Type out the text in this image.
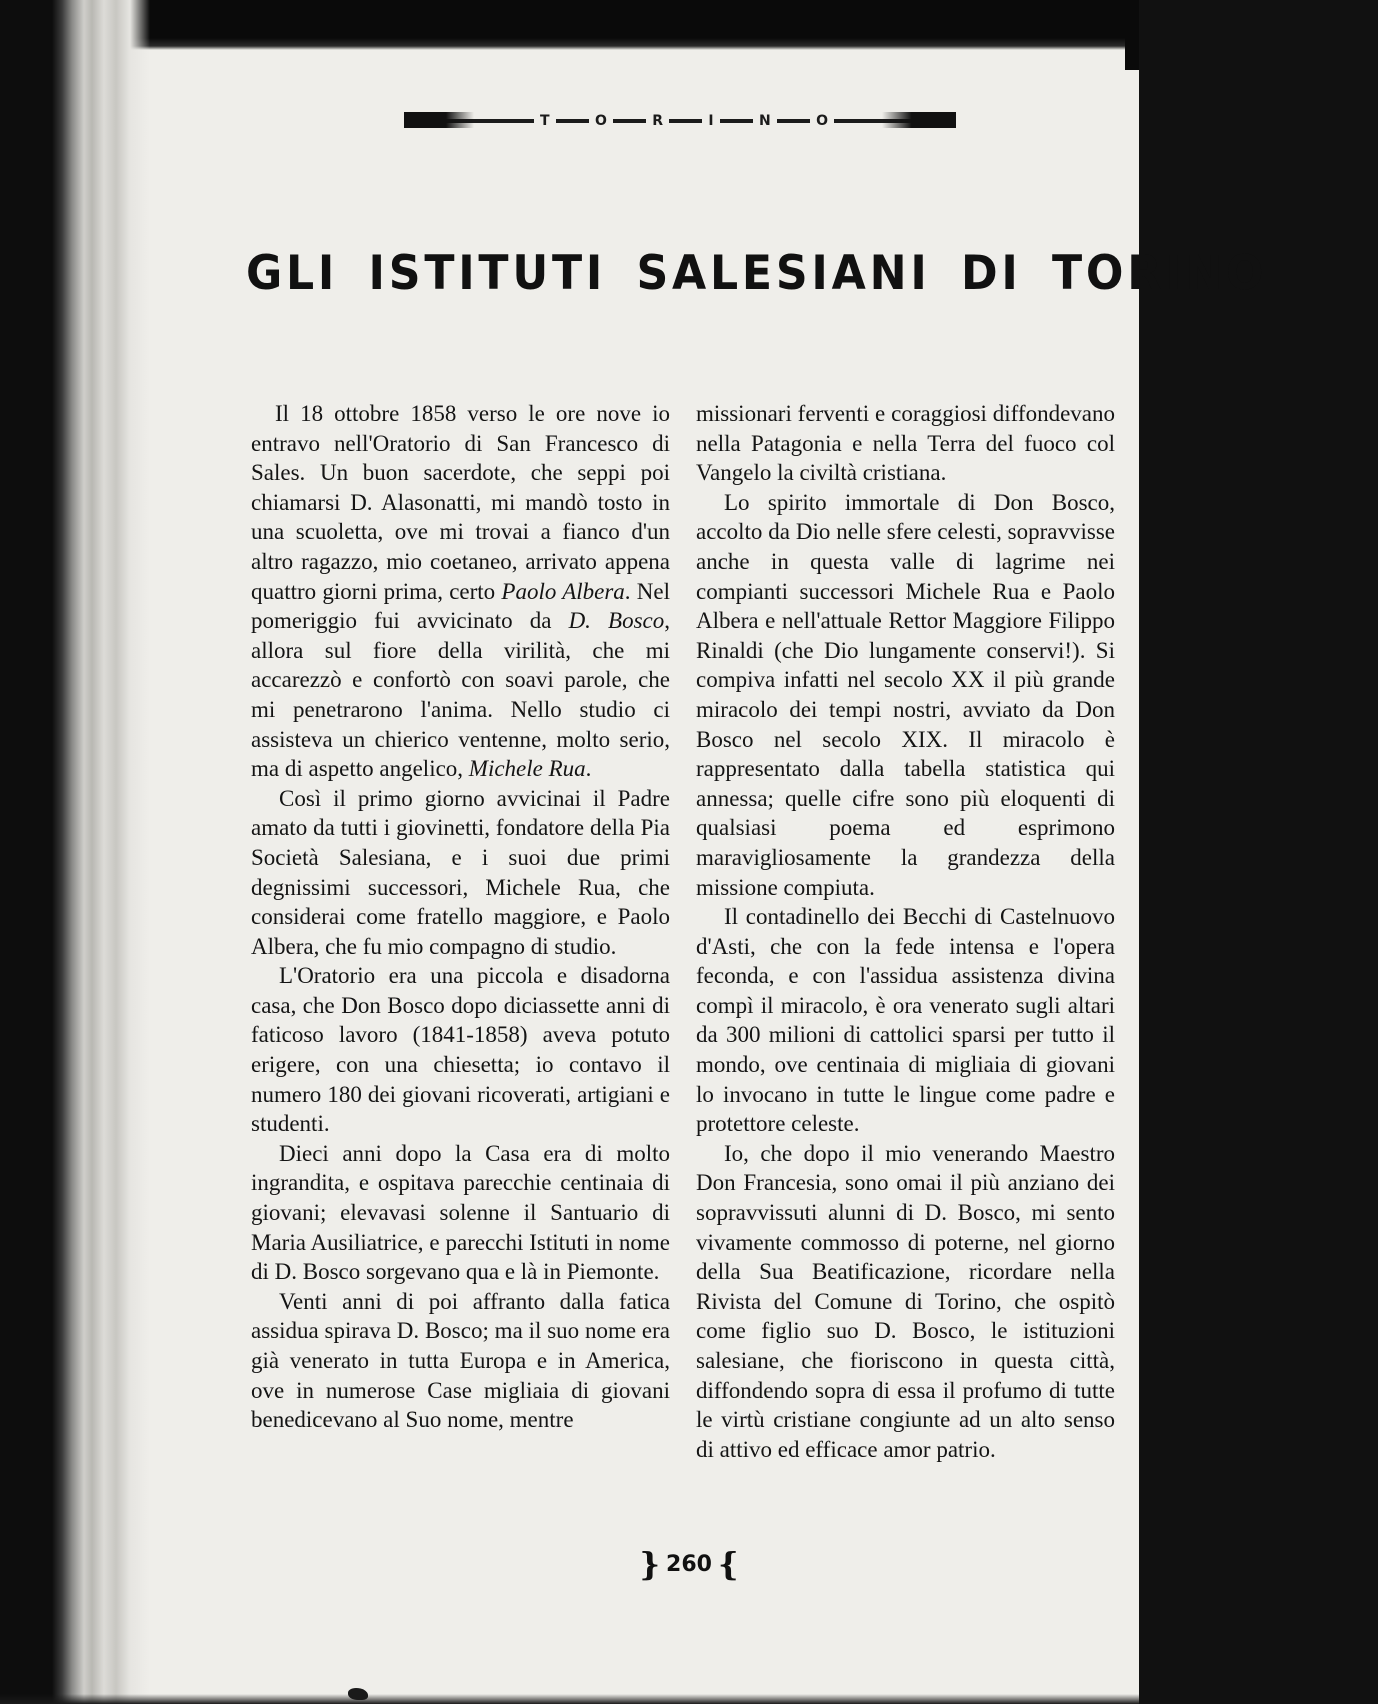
T	O	R	I	N	O
GLI ISTITUTI SALESIANI DI TORINO

Il 18 ottobre 1858 verso le ore nove io entravo nell'Oratorio di San Francesco di Sales. Un buon sacerdote, che seppi poi chiamarsi D. Alasonatti, mi mandò tosto in una scuoletta, ove mi trovai a fianco d'un altro ragazzo, mio coetaneo, arrivato appena quattro giorni prima, certo Paolo Albera. Nel pomeriggio fui avvicinato da D. Bosco, allora sul fiore della virilità, che mi accarezzò e confortò con soavi parole, che mi penetrarono l'anima. Nello studio ci assisteva un chierico ventenne, molto serio, ma di aspetto angelico, Michele Rua.

Così il primo giorno avvicinai il Padre amato da tutti i giovinetti, fondatore della Pia Società Salesiana, e i suoi due primi degnissimi successori, Michele Rua, che considerai come fratello maggiore, e Paolo Albera, che fu mio compagno di studio.

L'Oratorio era una piccola e disadorna casa, che Don Bosco dopo diciassette anni di faticoso lavoro (1841-1858) aveva potuto erigere, con una chiesetta; io contavo il numero 180 dei giovani ricoverati, artigiani e studenti.

Dieci anni dopo la Casa era di molto ingrandita, e ospitava parecchie centinaia di giovani; elevavasi solenne il Santuario di Maria Ausiliatrice, e parecchi Istituti in nome di D. Bosco sorgevano qua e là in Piemonte.

Venti anni di poi affranto dalla fatica assidua spirava D. Bosco; ma il suo nome era già venerato in tutta Europa e in America, ove in numerose Case migliaia di giovani benedicevano al Suo nome, mentre

missionari ferventi e coraggiosi diffondevano nella Patagonia e nella Terra del fuoco col Vangelo la civiltà cristiana.

Lo spirito immortale di Don Bosco, accolto da Dio nelle sfere celesti, sopravvisse anche in questa valle di lagrime nei compianti successori Michele Rua e Paolo Albera e nell'attuale Rettor Maggiore Filippo Rinaldi (che Dio lungamente conservi!). Si compiva infatti nel secolo XX il più grande miracolo dei tempi nostri, avviato da Don Bosco nel secolo XIX. Il miracolo è rappresentato dalla tabella statistica qui annessa; quelle cifre sono più eloquenti di qualsiasi poema ed esprimono maravigliosamente la grandezza della missione compiuta.

Il contadinello dei Becchi di Castelnuovo d'Asti, che con la fede intensa e l'opera feconda, e con l'assidua assistenza divina compì il miracolo, è ora venerato sugli altari da 300 milioni di cattolici sparsi per tutto il mondo, ove centinaia di migliaia di giovani lo invocano in tutte le lingue come padre e protettore celeste.

Io, che dopo il mio venerando Maestro Don Francesia, sono omai il più anziano dei sopravvissuti alunni di D. Bosco, mi sento vivamente commosso di poterne, nel giorno della Sua Beatificazione, ricordare nella Rivista del Comune di Torino, che ospitò come figlio suo D. Bosco, le istituzioni salesiane, che fioriscono in questa città, diffondendo sopra di essa il profumo di tutte le virtù cristiane congiunte ad un alto senso di attivo ed efficace amor patrio.

} 260 {
